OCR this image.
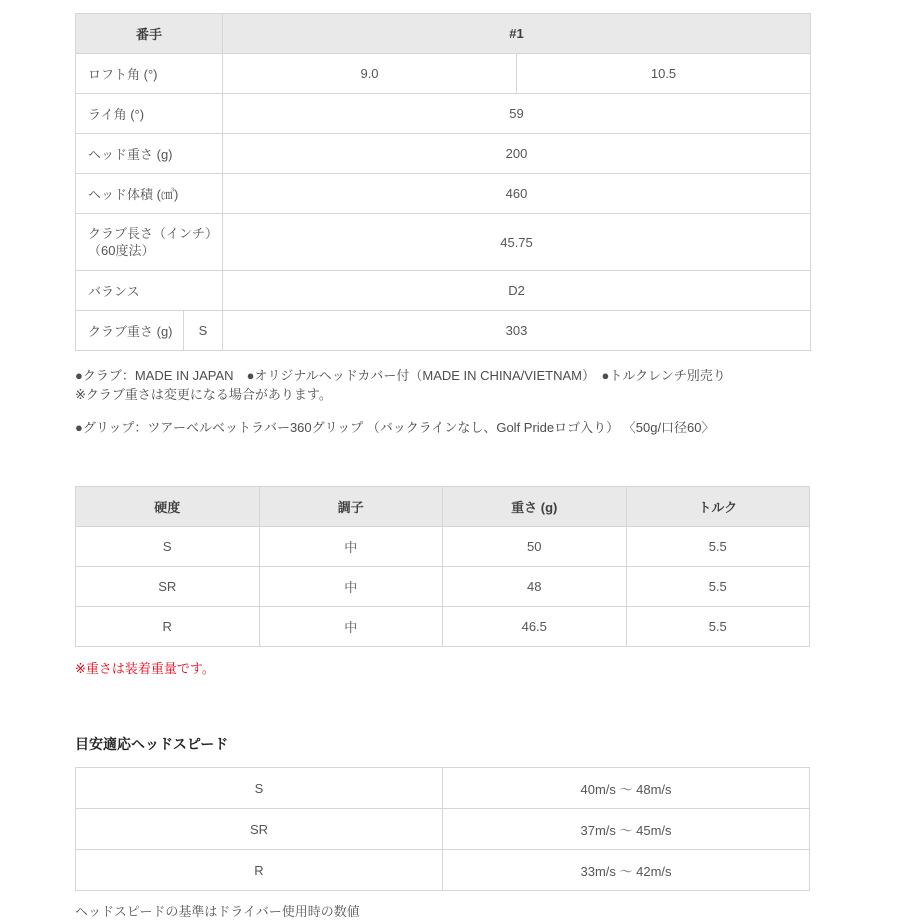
番手		#1	
ロフト角 (°)		9.0	10.5
ライ角 (°)		59	
ヘッド重さ (g)		200	
ヘッド体積 (㎤)		460	

クラブ長さ（インチ）
（60度法）		45.75	
バランス		D2	
クラブ重さ (g)	S	303	
●クラブ：MADE IN JAPAN　●オリジナルヘッドカバー付（MADE IN CHINA/VIETNAM）　●トルクレンチ別売り
※クラブ重さは変更になる場合があります。
●グリップ：ツアーベルベットラバー360グリップ （バックラインなし、Golf Prideロゴ入り） 〈50g/口径60〉
硬度	調子	重さ (g)	トルク
S	中	50	5.5
SR	中	48	5.5
R	中	46.5	5.5
※重さは装着重量です。
目安適応ヘッドスピード
S	40m/s ～ 48m/s
SR	37m/s ～ 45m/s
R	33m/s ～ 42m/s
ヘッドスピードの基準はドライバー使用時の数値
